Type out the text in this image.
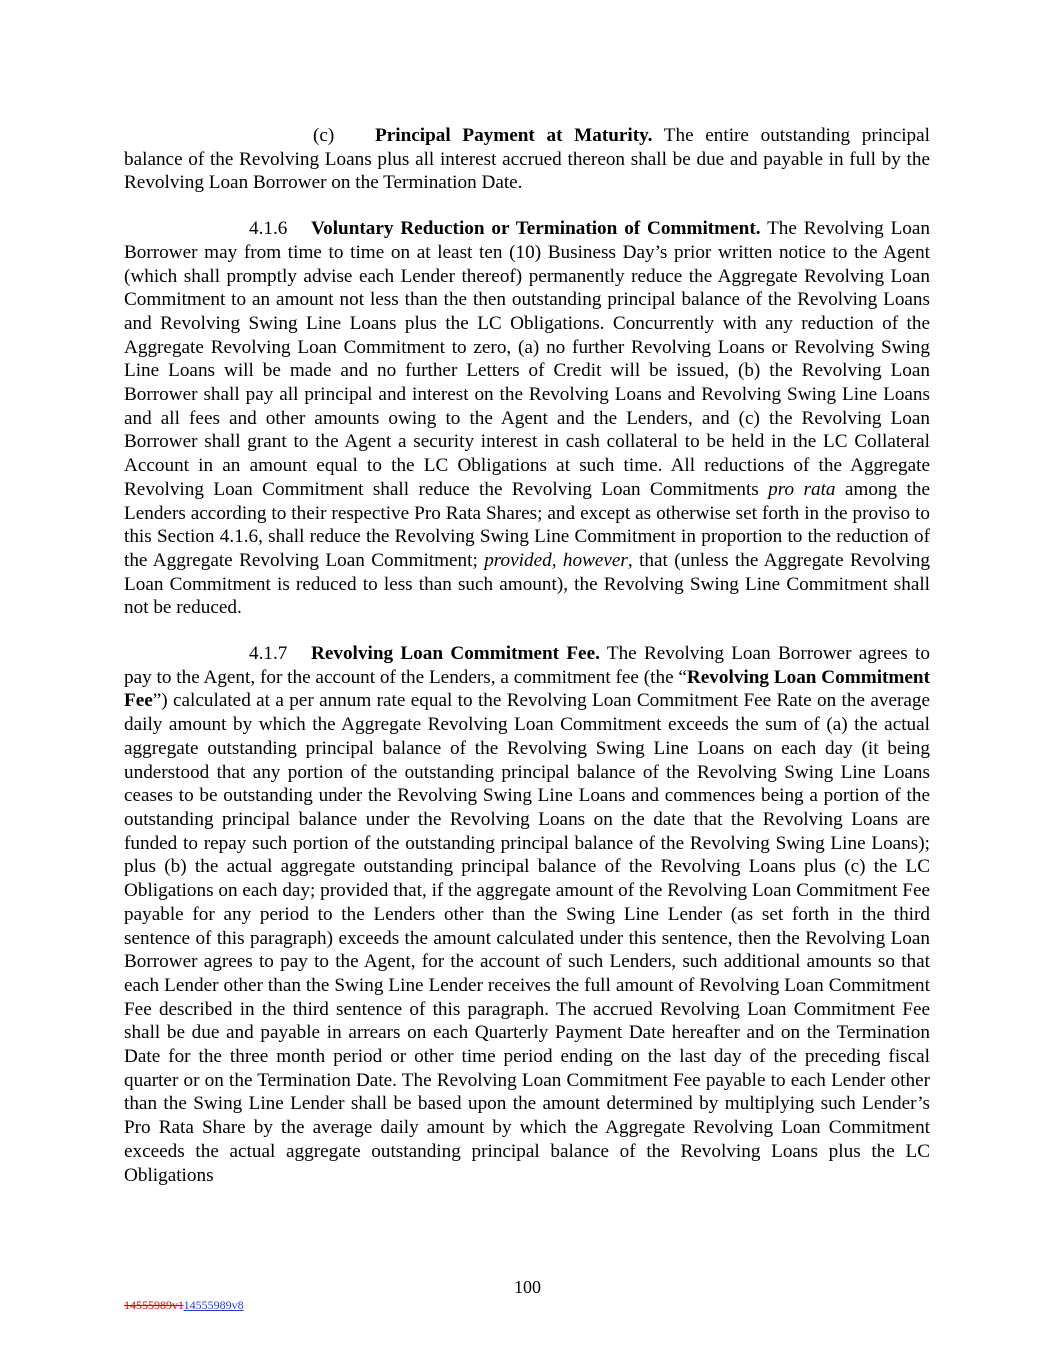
(c) Principal Payment at Maturity. The entire outstanding principal balance of the Revolving Loans plus all interest accrued thereon shall be due and payable in full by the Revolving Loan Borrower on the Termination Date.

4.1.6 Voluntary Reduction or Termination of Commitment. The Revolving Loan Borrower may from time to time on at least ten (10) Business Day’s prior written notice to the Agent (which shall promptly advise each Lender thereof) permanently reduce the Aggregate Revolving Loan Commitment to an amount not less than the then outstanding principal balance of the Revolving Loans and Revolving Swing Line Loans plus the LC Obligations. Concurrently with any reduction of the Aggregate Revolving Loan Commitment to zero, (a) no further Revolving Loans or Revolving Swing Line Loans will be made and no further Letters of Credit will be issued, (b) the Revolving Loan Borrower shall pay all principal and interest on the Revolving Loans and Revolving Swing Line Loans and all fees and other amounts owing to the Agent and the Lenders, and (c) the Revolving Loan Borrower shall grant to the Agent a security interest in cash collateral to be held in the LC Collateral Account in an amount equal to the LC Obligations at such time. All reductions of the Aggregate Revolving Loan Commitment shall reduce the Revolving Loan Commitments pro rata among the Lenders according to their respective Pro Rata Shares; and except as otherwise set forth in the proviso to this Section 4.1.6, shall reduce the Revolving Swing Line Commitment in proportion to the reduction of the Aggregate Revolving Loan Commitment; provided, however, that (unless the Aggregate Revolving Loan Commitment is reduced to less than such amount), the Revolving Swing Line Commitment shall not be reduced.

4.1.7 Revolving Loan Commitment Fee. The Revolving Loan Borrower agrees to pay to the Agent, for the account of the Lenders, a commitment fee (the “Revolving Loan Commitment Fee”) calculated at a per annum rate equal to the Revolving Loan Commitment Fee Rate on the average daily amount by which the Aggregate Revolving Loan Commitment exceeds the sum of (a) the actual aggregate outstanding principal balance of the Revolving Swing Line Loans on each day (it being understood that any portion of the outstanding principal balance of the Revolving Swing Line Loans ceases to be outstanding under the Revolving Swing Line Loans and commences being a portion of the outstanding principal balance under the Revolving Loans on the date that the Revolving Loans are funded to repay such portion of the outstanding principal balance of the Revolving Swing Line Loans); plus (b) the actual aggregate outstanding principal balance of the Revolving Loans plus (c) the LC Obligations on each day; provided that, if the aggregate amount of the Revolving Loan Commitment Fee payable for any period to the Lenders other than the Swing Line Lender (as set forth in the third sentence of this paragraph) exceeds the amount calculated under this sentence, then the Revolving Loan Borrower agrees to pay to the Agent, for the account of such Lenders, such additional amounts so that each Lender other than the Swing Line Lender receives the full amount of Revolving Loan Commitment Fee described in the third sentence of this paragraph. The accrued Revolving Loan Commitment Fee shall be due and payable in arrears on each Quarterly Payment Date hereafter and on the Termination Date for the three month period or other time period ending on the last day of the preceding fiscal quarter or on the Termination Date. The Revolving Loan Commitment Fee payable to each Lender other than the Swing Line Lender shall be based upon the amount determined by multiplying such Lender’s Pro Rata Share by the average daily amount by which the Aggregate Revolving Loan Commitment exceeds the actual aggregate outstanding principal balance of the Revolving Loans plus the LC Obligations

100
14555989v114555989v8
